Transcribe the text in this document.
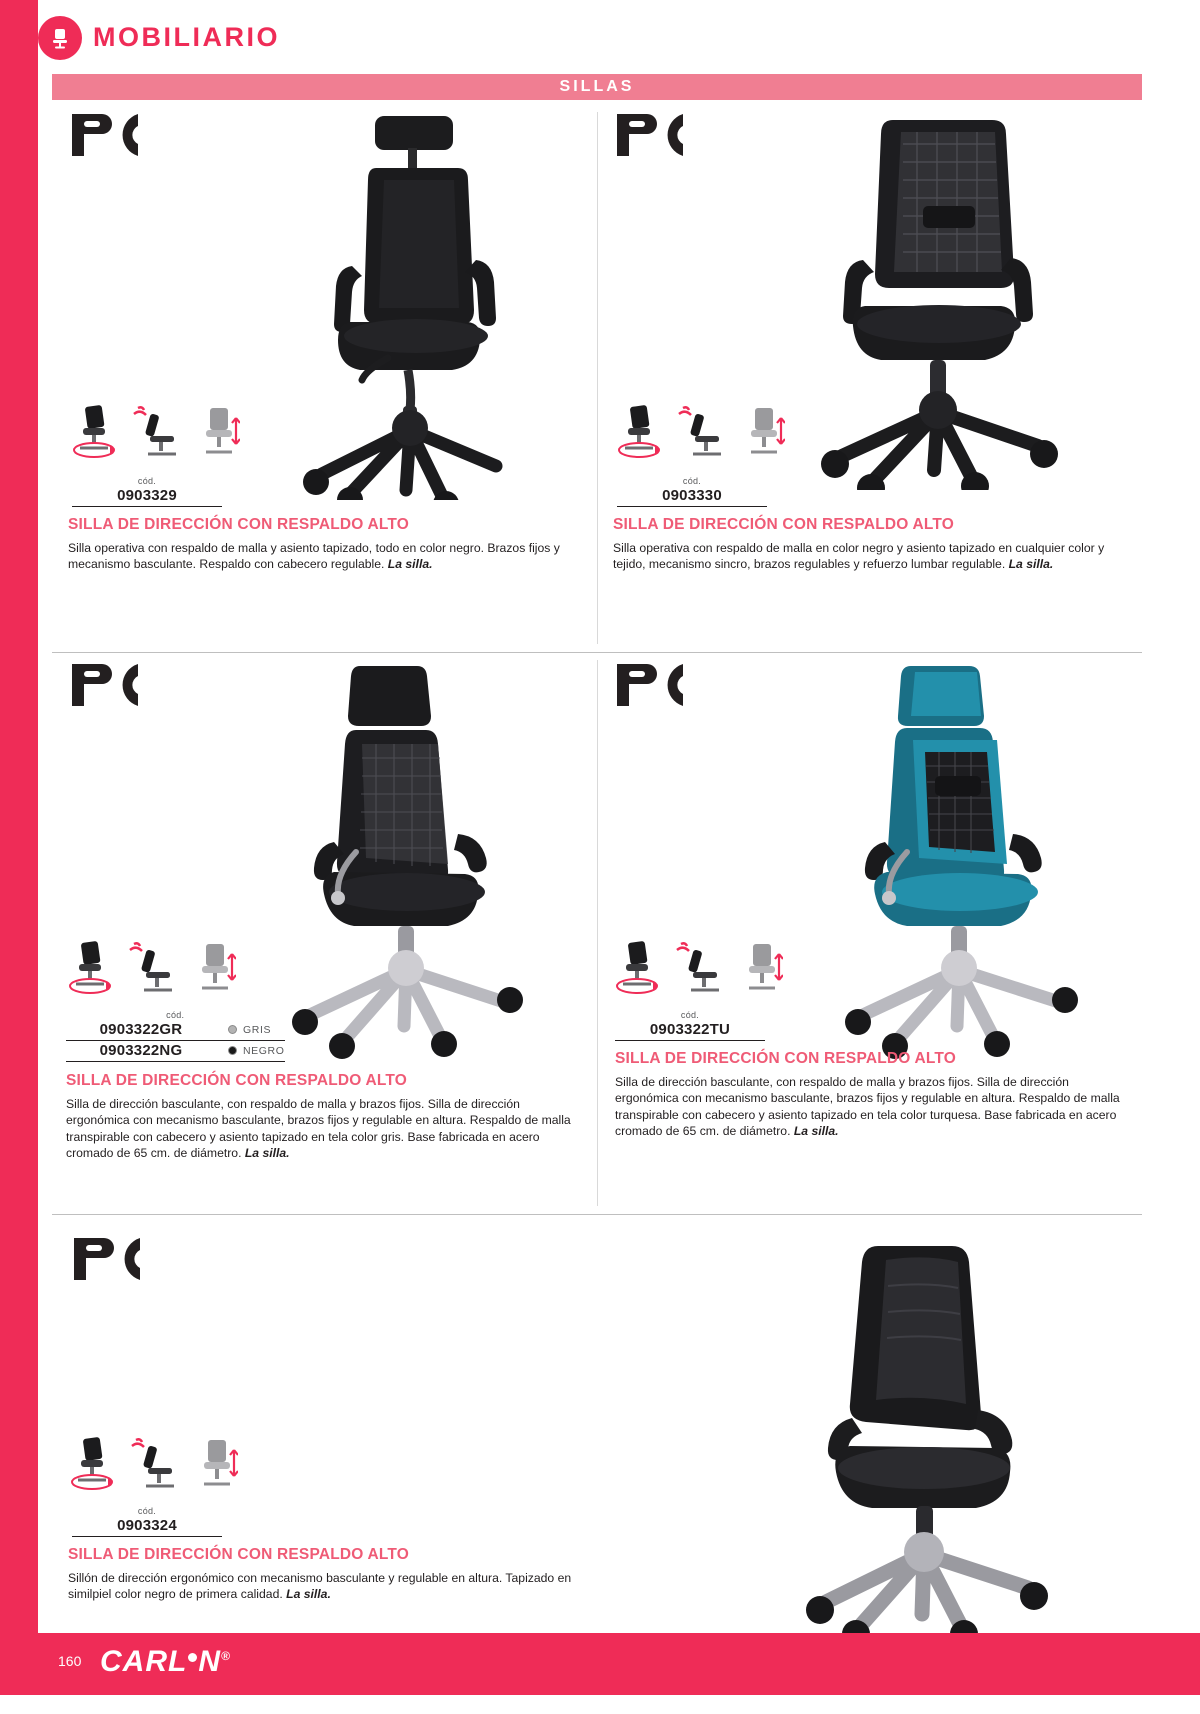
MOBILIARIO
SILLAS
cód.
0903329
SILLA DE DIRECCIÓN CON RESPALDO ALTO
Silla operativa con respaldo de malla y asiento tapizado, todo en color negro. Brazos fijos y mecanismo basculante. Respaldo con cabecero regulable. La silla.
cód.
0903330
SILLA DE DIRECCIÓN CON RESPALDO ALTO
Silla operativa con respaldo de malla en color negro y asiento tapizado en cualquier color y tejido, mecanismo sincro, brazos regulables y refuerzo lumbar regulable. La silla.
cód.
0903322GR	GRIS
0903322NG	NEGRO
SILLA DE DIRECCIÓN CON RESPALDO ALTO
Silla de dirección basculante, con respaldo de malla y brazos fijos. Silla de dirección ergonómica con mecanismo basculante, brazos fijos y regulable en altura. Respaldo de malla transpirable con cabecero y asiento tapizado en tela color gris. Base fabricada en acero cromado de 65 cm. de diámetro. La silla.
cód.
0903322TU
SILLA DE DIRECCIÓN CON RESPALDO ALTO
Silla de dirección basculante, con respaldo de malla y brazos fijos. Silla de dirección ergonómica con mecanismo basculante, brazos fijos y regulable en altura. Respaldo de malla transpirable con cabecero y asiento tapizado en tela color turquesa. Base fabricada en acero cromado de 65 cm. de diámetro. La silla.
cód.
0903324
SILLA DE DIRECCIÓN CON RESPALDO ALTO
Sillón de dirección ergonómico con mecanismo basculante y regulable en altura. Tapizado en similpiel color negro de primera calidad. La silla.
160 CARL N®
